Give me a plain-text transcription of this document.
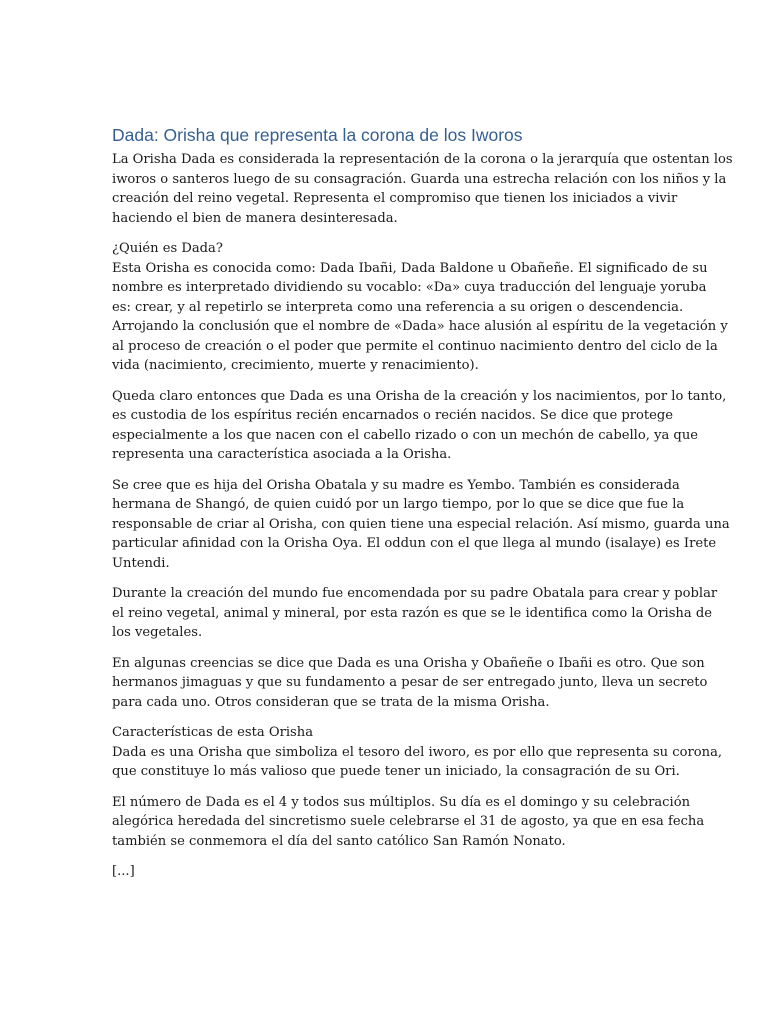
Dada: Orisha que representa la corona de los Iworos
La Orisha Dada es considerada la representación de la corona o la jerarquía que ostentan los
iworos o santeros luego de su consagración. Guarda una estrecha relación con los niños y la
creación del reino vegetal. Representa el compromiso que tienen los iniciados a vivir
haciendo el bien de manera desinteresada.
¿Quién es Dada?
Esta Orisha es conocida como: Dada Ibañi, Dada Baldone u Obañeñe. El significado de su
nombre es interpretado dividiendo su vocablo: «Da» cuya traducción del lenguaje yoruba
es: crear, y al repetirlo se interpreta como una referencia a su origen o descendencia.
Arrojando la conclusión que el nombre de «Dada» hace alusión al espíritu de la vegetación y
al proceso de creación o el poder que permite el continuo nacimiento dentro del ciclo de la
vida (nacimiento, crecimiento, muerte y renacimiento).
Queda claro entonces que Dada es una Orisha de la creación y los nacimientos, por lo tanto,
es custodia de los espíritus recién encarnados o recién nacidos. Se dice que protege
especialmente a los que nacen con el cabello rizado o con un mechón de cabello, ya que
representa una característica asociada a la Orisha.
Se cree que es hija del Orisha Obatala y su madre es Yembo. También es considerada
hermana de Shangó, de quien cuidó por un largo tiempo, por lo que se dice que fue la
responsable de criar al Orisha, con quien tiene una especial relación. Así mismo, guarda una
particular afinidad con la Orisha Oya. El oddun con el que llega al mundo (isalaye) es Irete
Untendi.
Durante la creación del mundo fue encomendada por su padre Obatala para crear y poblar
el reino vegetal, animal y mineral, por esta razón es que se le identifica como la Orisha de
los vegetales.
En algunas creencias se dice que Dada es una Orisha y Obañeñe o Ibañi es otro. Que son
hermanos jimaguas y que su fundamento a pesar de ser entregado junto, lleva un secreto
para cada uno. Otros consideran que se trata de la misma Orisha.
Características de esta Orisha
Dada es una Orisha que simboliza el tesoro del iworo, es por ello que representa su corona,
que constituye lo más valioso que puede tener un iniciado, la consagración de su Ori.
El número de Dada es el 4 y todos sus múltiplos. Su día es el domingo y su celebración
alegórica heredada del sincretismo suele celebrarse el 31 de agosto, ya que en esa fecha
también se conmemora el día del santo católico San Ramón Nonato.
[...]
